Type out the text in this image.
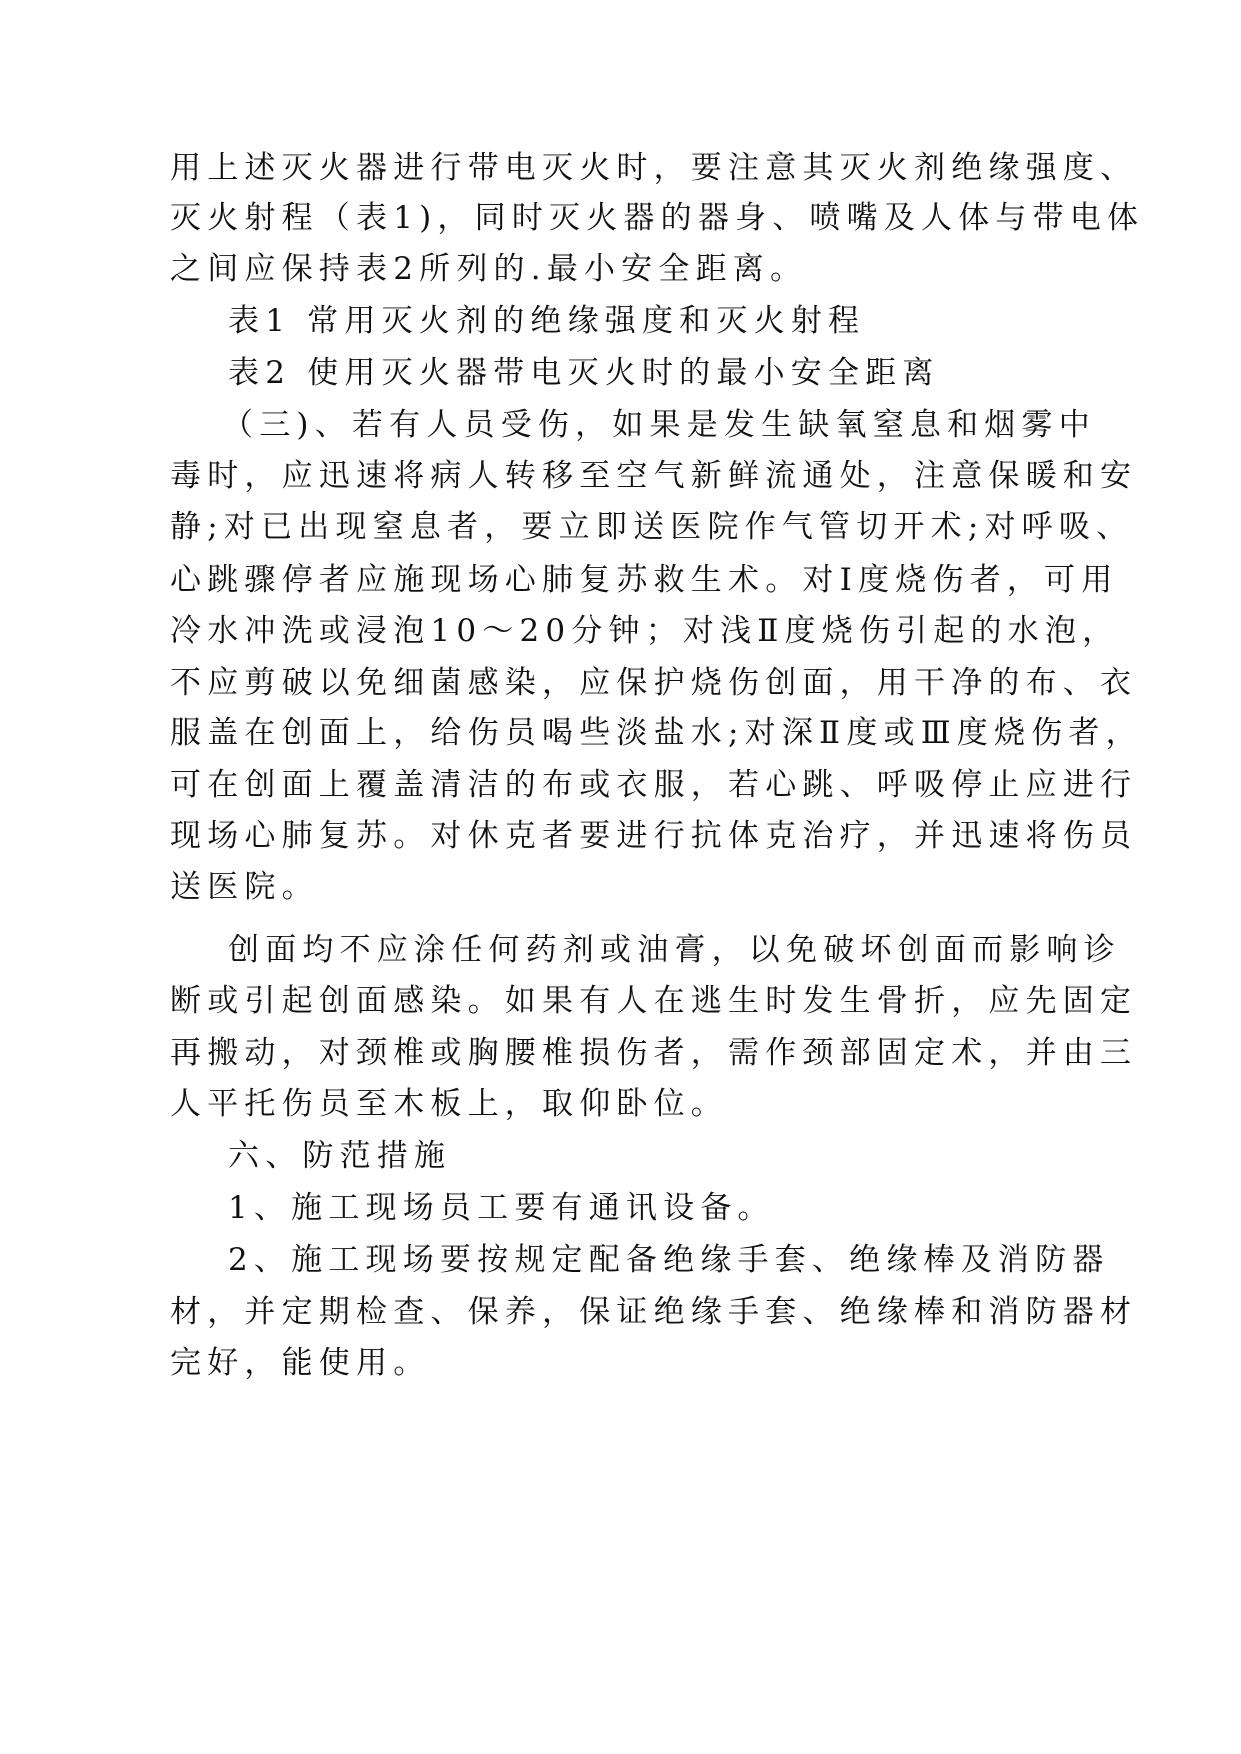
用上述灭火器进行带电灭火时，要注意其灭火剂绝缘强度、
灭火射程（表1)，同时灭火器的器身、喷嘴及人体与带电体
之间应保持表2所列的.最小安全距离。
表1 常用灭火剂的绝缘强度和灭火射程
表2 使用灭火器带电灭火时的最小安全距离
（三)、若有人员受伤，如果是发生缺氧窒息和烟雾中
毒时，应迅速将病人转移至空气新鲜流通处，注意保暖和安
静;对已出现窒息者，要立即送医院作气管切开术;对呼吸、
心跳骤停者应施现场心肺复苏救生术。对Ⅰ度烧伤者，可用
冷水冲洗或浸泡10～20分钟；对浅Ⅱ度烧伤引起的水泡，
不应剪破以免细菌感染，应保护烧伤创面，用干净的布、衣
服盖在创面上，给伤员喝些淡盐水;对深Ⅱ度或Ⅲ度烧伤者，
可在创面上覆盖清洁的布或衣服，若心跳、呼吸停止应进行
现场心肺复苏。对休克者要进行抗体克治疗，并迅速将伤员
送医院。
创面均不应涂任何药剂或油膏，以免破坏创面而影响诊
断或引起创面感染。如果有人在逃生时发生骨折，应先固定
再搬动，对颈椎或胸腰椎损伤者，需作颈部固定术，并由三
人平托伤员至木板上，取仰卧位。
六、防范措施
1、施工现场员工要有通讯设备。
2、施工现场要按规定配备绝缘手套、绝缘棒及消防器
材，并定期检查、保养，保证绝缘手套、绝缘棒和消防器材
完好，能使用。
